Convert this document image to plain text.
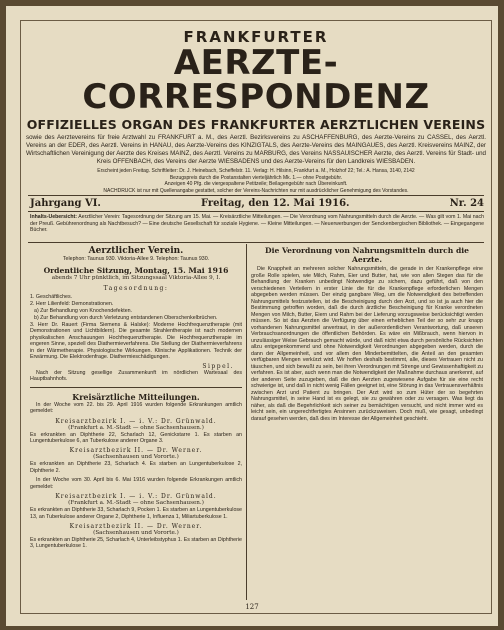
FRANKFURTER
AERZTE-CORRESPONDENZ
OFFIZIELLES ORGAN DES FRANKFURTER AERZTLICHEN VEREINS
sowie des Aerztevereins für freie Arztwahl zu FRANKFURT a. M., des Aerztl. Bezirksvereins zu ASCHAFFENBURG, des Aerzte-Vereins zu CASSEL, des Aerztl. Vereins an der EDER, des Aerztl. Vereins in HANAU, des Aerzte-Vereins des KINZIGTALS, des Aerzte-Vereins des MAINGAUES, des Aerztl. Kreisvereins MAINZ, der Wirtschaftlichen Vereinigung der Aerzte des Kreises MAINZ, des Aerztl. Vereins zu MARBURG, des Vereins NASSAUISCHER Aerzte, des Aerztl. Vereins für Stadt- und Kreis OFFENBACH, des Vereins der Aerzte WIESBADENS und des Aerzte-Vereins für den Landkreis WIESBADEN.
Erscheint jeden Freitag. Schriftleiter: Dr. J. Heinebach, Scheffelstr. 11. Verlag: H. Hilsinn, Frankfurt a. M., Holzhof 22; Tel.: A. Hansa, 3140, 2142
Bezugspreis durch die Postanstalten vierteljährlich Mk. 1.— ohne Postgebühr.
Anzeigen 40 Pfg. die viergespaltene Petitzeile; Beilagengebühr nach Übereinkunft.
NACHDRUCK ist nur mit Quellenangabe gestattet, solcher der Vereins-Nachrichten nur mit ausdrücklicher Genehmigung des Vorstandes.
Jahrgang VI.	Freitag, den 12. Mai 1916.	Nr. 24
Inhalts-Uebersicht: Aerztlicher Verein: Tagesordnung der Sitzung am 15. Mai. — Kreisärztliche Mitteilungen. — Die Verordnung vom Nahrungsmitteln durch die Aerzte. — Was gilt vom 1. Mai nach der Preuß. Gebührenordnung als Nachtbesuch? — Eine deutsche Gesellschaft für soziale Hygiene. — Kleine Mitteilungen. — Neuerwerbungen der Senckenbergischen Bibliothek. — Eingegangene Bücher.
Aerztlicher Verein.
Telephon: Taunus 930. Viktoria-Allee 9. Telephon: Taunus 930.
Ordentliche Sitzung, Montag, 15. Mai 1916
abends 7 Uhr pünktlich, im Sitzungssaal Viktoria-Allee 9, I.
Tagesordnung:
1. Geschäftliches.
2. Herr Lilienfeld: Demonstrationen.
a) Zur Behandlung von Knochendefekten.
b) Zur Behandlung von durch Verletzung entstandenen Oberschenkelbrüchen.
3. Herr Dr. Rauert (Firma Siemens & Halske): Moderne Hochfrequenztherapie (mit Demonstrationen und Lichtbildern). Die gesamte Strahlentherapie ist nach modernen physikalischen Anschauungen Hochfrequenztherapie. Die Hochfrequenztherapie im engeren Sinne, speziell des Diathermieverfahrens. Die Stellung der Diathermieverfahrens in der Wärmetherapie. Physiologische Wirkungen. Klinische Applikationen. Technik der Erwärmung. Die Elektrodenfrage. Diathermieschädigungen.
Sippel.
Nach der Sitzung gesellige Zusammenkunft im nördlichen Wartesaal des Hauptbahnhofs.
Kreisärztliche Mitteilungen.
In der Woche vom 22. bis 29. April 1916 wurden folgende Erkrankungen amtlich gemeldet:
Kreisarztbezirk I. — i. V.: Dr. Grünwald.
(Frankfurt a. M.-Stadt — ohne Sachsenhausen.)
Es erkrankten an Diphtherie 22, Scharlach 12, Genickstarre 1. Es starben an Lungentuberkulose 6, an Tuberkulose anderer Organe 3.
Kreisarztbezirk II. — Dr. Werner.
(Sachsenhausen und Vororte.)
Es erkrankten an Diphtherie 23, Scharlach 4. Es starben an Lungentuberkulose 2, Diphtherie 2.
In der Woche vom 30. April bis 6. Mai 1916 wurden folgende Erkrankungen amtlich gemeldet:
Kreisarztbezirk I. — i. V.: Dr. Grünwald.
(Frankfurt a. M.-Stadt — ohne Sachsenhausen.)
Es erkrankten an Diphtherie 33, Scharlach 9, Pocken 1. Es starben an Lungentuberkulose 13, an Tuberkulose anderer Organe 2, Diphtherie 1, Influenza 1, Miliartuberkulose 1.
Kreisarztbezirk II. — Dr. Werner.
(Sachsenhausen und Vororte.)
Es erkrankten an Diphtherie 25, Scharlach 4, Unterleibstyphus 1. Es starben an Diphtherie 3, Lungentuberkulose 1.
Die Verordnung von Nahrungsmitteln durch die Aerzte.
Die Knappheit an mehreren solcher Nahrungsmitteln, die gerade in der Krankenpflege eine große Rolle spielen, wie Milch, Rahm, Eier und Butter, hat, wie von allen Stegen das für die Behandlung der Kranken unbedingt Notwendige zu sichern, dazu geführt, daß von den verschiedenen Verteilern in erster Linie die für die Krankenpflege erforderlichen Mengen abgegeben werden müssen. Der einzig gangbare Weg, um die Notwendigkeit des betreffenden Nahrungsmittels festzustellen, ist die Bescheinigung durch den Arzt, und so ist ja auch hier die Bestimmung getroffen worden, daß die durch ärztliche Bescheinigung für Kranke verordneten Mengen von Milch, Butter, Eiern und Rahm bei der Lieferung vorzugsweise berücksichtigt werden müssen. So ist das Aerzten die Verfügung über einen erheblichen Teil der so sehr zur knapp vorhandenen Nahrungsmittel anvertraut, in der außerordentlichen Verantwortung, daß unseren Verbrauchsanordnungen die öffentlichen Behörden. Es wäre ein Mißbrauch, wenn hiervon in unzulässiger Weise Gebrauch gemacht würde, und daß nicht etwa durch persönliche Rücksichten allzu entgegenkommend und ohne Notwendigkeit Verordnungen abgegeben werden, durch die dann der Allgemeinheit, und vor allem den Minderbemittelten, die Anteil an den gesamten verfügbaren Mengen verkürzt wird. Wir hoffen deshalb bestimmt, alle, dieses Vertrauen nicht zu täuschen, und sich bewußt zu sein, bei ihren Verordnungen mit Strenge und Gewissenhaftigkeit zu verfahren. Es ist aber, auch wenn man die Notwendigkeit der Maßnahme durchaus anerkennt, auf der anderen Seite zuzugeben, daß die den Aerzten zugewiesene Aufgabe für sie eine recht schwierige ist, und daß in nicht wenig Fällen geeignet ist, eine Störung in das Vertrauensverhältnis zwischen Arzt und Patient zu bringen. Der Arzt wird so zum Hüter der so begehrten Nahrungsmittel, in seine Hand ist es gelegt, sie zu gewähren oder zu versagen. Was liegt da näher, als daß die Begehrlichkeit sich seiner zu bemächtigen versucht, und nicht immer wird es leicht sein, ein ungerechtfertigtes Ansinnen zurückzuweisen. Doch muß, wie gesagt, unbedingt darauf gesehen werden, daß dies im Interesse der Allgemeinheit geschieht.
127
